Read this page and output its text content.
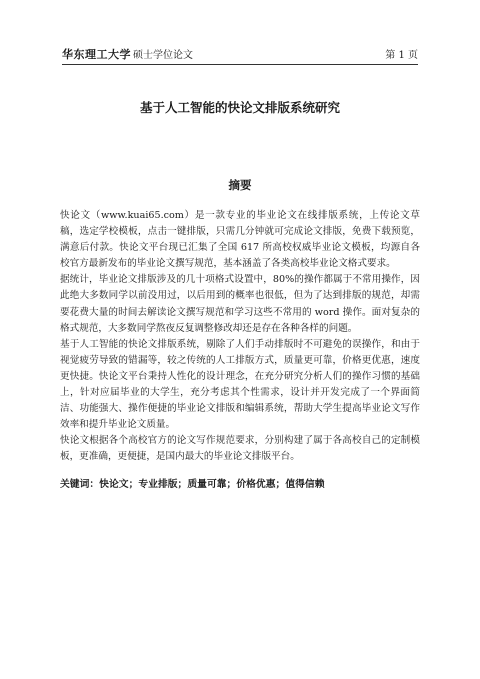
华东理工大学 硕士学位论文	第 1 页
基于人工智能的快论文排版系统研究
摘要

快论文（www.kuai65.com）是一款专业的毕业论文在线排版系统，上传论文草稿，选定学校模板，点击一键排版，只需几分钟就可完成论文排版，免费下载预览，满意后付款。快论文平台现已汇集了全国 617 所高校权威毕业论文模板，均源自各校官方最新发布的毕业论文撰写规范，基本涵盖了各类高校毕业论文格式要求。

据统计，毕业论文排版涉及的几十项格式设置中，80%的操作都属于不常用操作，因此绝大多数同学以前没用过，以后用到的概率也很低，但为了达到排版的规范，却需要花费大量的时间去解读论文撰写规范和学习这些不常用的 word 操作。面对复杂的格式规范，大多数同学熬夜反复调整修改却还是存在各种各样的问题。

基于人工智能的快论文排版系统，剔除了人们手动排版时不可避免的误操作，和由于视觉疲劳导致的错漏等，较之传统的人工排版方式，质量更可靠，价格更优惠，速度更快捷。快论文平台秉持人性化的设计理念，在充分研究分析人们的操作习惯的基础上，针对应届毕业的大学生，充分考虑其个性需求，设计并开发完成了一个界面简洁、功能强大、操作便捷的毕业论文排版和编辑系统，帮助大学生提高毕业论文写作效率和提升毕业论文质量。

快论文根据各个高校官方的论文写作规范要求，分别构建了属于各高校自己的定制模板，更准确，更便捷，是国内最大的毕业论文排版平台。

关键词：快论文；专业排版；质量可靠；价格优惠；值得信赖
